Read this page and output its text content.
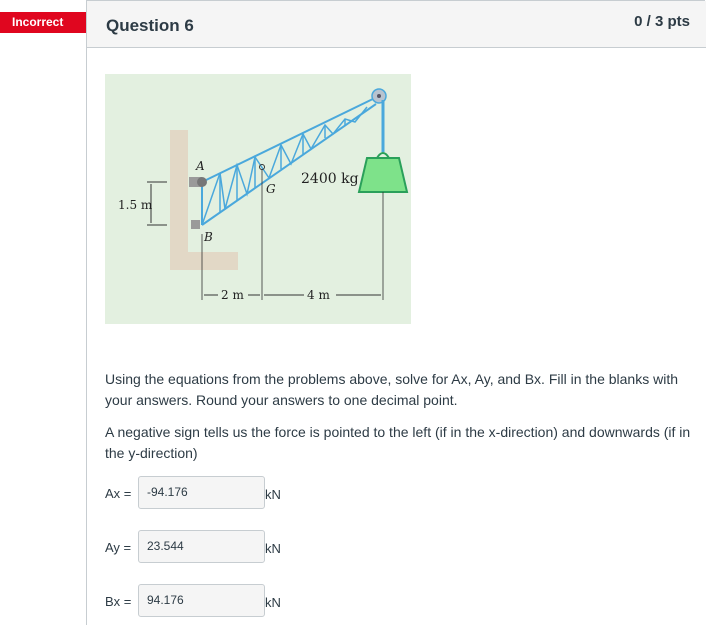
Incorrect	Question 6	0 / 3 pts
A
B
G
2400 kg
1.5 m
2 m	4 m
Using the equations from the problems above, solve for Ax, Ay, and Bx. Fill in the blanks with your answers. Round your answers to one decimal point.
A negative sign tells us the force is pointed to the left (if in the x-direction) and downwards (if in the y-direction)
Ax =	-94.176	kN
Ay =	23.544	kN
Bx =	94.176	kN
